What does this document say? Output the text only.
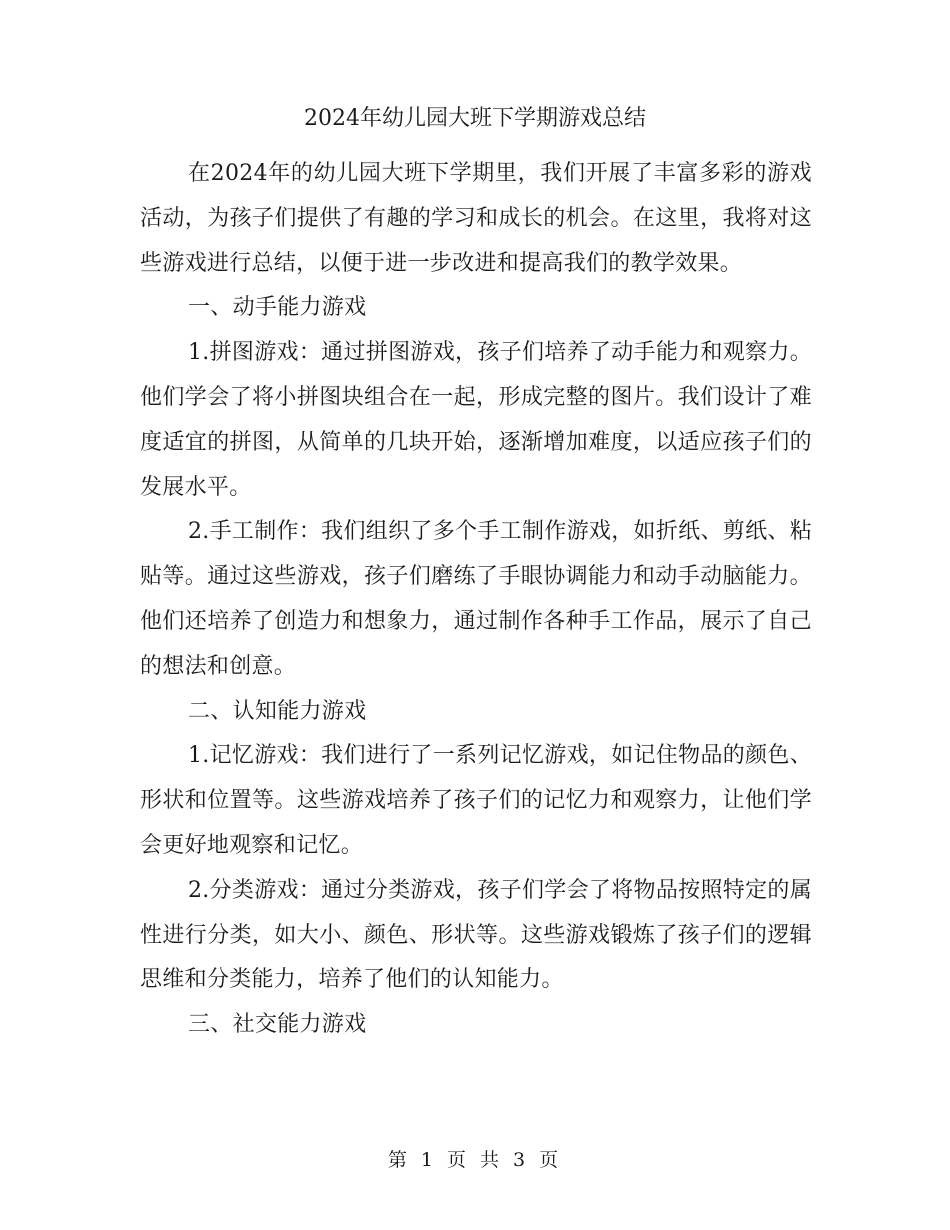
2024年幼儿园大班下学期游戏总结

在2024年的幼儿园大班下学期里，我们开展了丰富多彩的游戏活动，为孩子们提供了有趣的学习和成长的机会。在这里，我将对这些游戏进行总结，以便于进一步改进和提高我们的教学效果。

一、动手能力游戏

1.拼图游戏：通过拼图游戏，孩子们培养了动手能力和观察力。他们学会了将小拼图块组合在一起，形成完整的图片。我们设计了难度适宜的拼图，从简单的几块开始，逐渐增加难度，以适应孩子们的发展水平。

2.手工制作：我们组织了多个手工制作游戏，如折纸、剪纸、粘贴等。通过这些游戏，孩子们磨练了手眼协调能力和动手动脑能力。他们还培养了创造力和想象力，通过制作各种手工作品，展示了自己的想法和创意。

二、认知能力游戏

1.记忆游戏：我们进行了一系列记忆游戏，如记住物品的颜色、形状和位置等。这些游戏培养了孩子们的记忆力和观察力，让他们学会更好地观察和记忆。

2.分类游戏：通过分类游戏，孩子们学会了将物品按照特定的属性进行分类，如大小、颜色、形状等。这些游戏锻炼了孩子们的逻辑思维和分类能力，培养了他们的认知能力。

三、社交能力游戏

第 1 页 共 3 页
